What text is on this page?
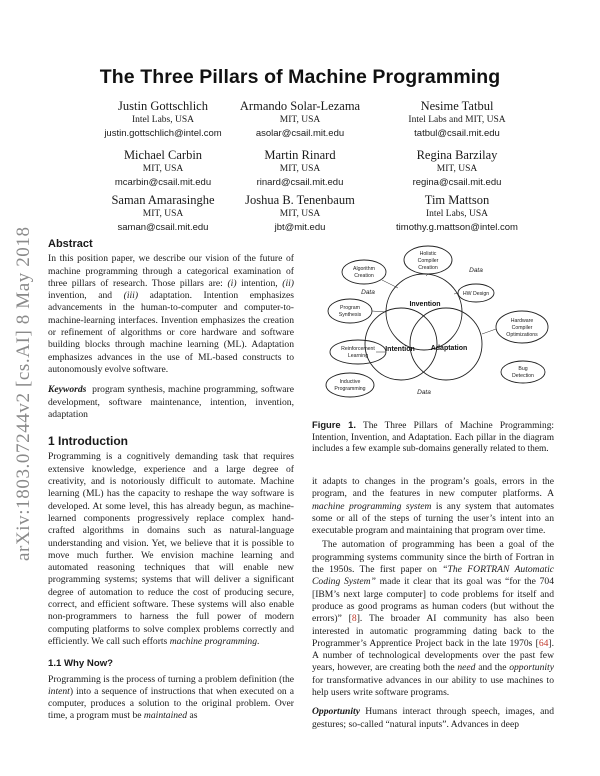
arXiv:1803.07244v2 [cs.AI] 8 May 2018
The Three Pillars of Machine Programming
Justin Gottschlich
Intel Labs, USA
justin.gottschlich@intel.com
Armando Solar-Lezama
MIT, USA
asolar@csail.mit.edu
Nesime Tatbul
Intel Labs and MIT, USA
tatbul@csail.mit.edu
Michael Carbin
MIT, USA
mcarbin@csail.mit.edu
Martin Rinard
MIT, USA
rinard@csail.mit.edu
Regina Barzilay
MIT, USA
regina@csail.mit.edu
Saman Amarasinghe
MIT, USA
saman@csail.mit.edu
Joshua B. Tenenbaum
MIT, USA
jbt@mit.edu
Tim Mattson
Intel Labs, USA
timothy.g.mattson@intel.com
Abstract

In this position paper, we describe our vision of the future of machine programming through a categorical examination of three pillars of research. Those pillars are: (i) intention, (ii) invention, and (iii) adaptation. Intention emphasizes advancements in the human-to-computer and computer-to-machine-learning interfaces. Invention emphasizes the creation or refinement of algorithms or core hardware and software building blocks through machine learning (ML). Adaptation emphasizes advances in the use of ML-based constructs to autonomously evolve software.

Keywords program synthesis, machine programming, software development, software maintenance, intention, invention, adaptation

1 Introduction

Programming is a cognitively demanding task that requires extensive knowledge, experience and a large degree of creativity, and is notoriously difficult to automate. Machine learning (ML) has the capacity to reshape the way software is developed. At some level, this has already begun, as machine-learned components progressively replace complex hand-crafted algorithms in domains such as natural-language understanding and vision. Yet, we believe that it is possible to move much further. We envision machine learning and automated reasoning techniques that will enable new programming systems; systems that will deliver a significant degree of automation to reduce the cost of producing secure, correct, and efficient software. These systems will also enable non-programmers to harness the full power of modern computing platforms to solve complex problems correctly and efficiently. We call such efforts machine programming.

1.1 Why Now?

Programming is the process of turning a problem definition (the intent) into a sequence of instructions that when executed on a computer, produces a solution to the original problem. Over time, a program must be maintained as

Algorithm
Creation
Holistic
Compiler
Creation
HW Design
Program
Synthesis
Hardware
Compiler
Optimizations
Reinforcement
Learning
Inductive
Programming
Bug
Detection
Data
Data
Data
Invention
Intention Adaptation
Figure 1. The Three Pillars of Machine Programming: Intention, Invention, and Adaptation. Each pillar in the diagram includes a few example sub-domains generally related to them.

it adapts to changes in the program’s goals, errors in the program, and the features in new computer platforms. A machine programming system is any system that automates some or all of the steps of turning the user’s intent into an executable program and maintaining that program over time.

The automation of programming has been a goal of the programming systems community since the birth of Fortran in the 1950s. The first paper on “The FORTRAN Automatic Coding System” made it clear that its goal was “for the 704 [IBM’s next large computer] to code problems for itself and produce as good programs as human coders (but without the errors)” [8]. The broader AI community has also been interested in automatic programming dating back to the Programmer’s Apprentice Project back in the late 1970s [64]. A number of technological developments over the past few years, however, are creating both the need and the opportunity for transformative advances in our ability to use machines to help users write software programs.

Opportunity Humans interact through speech, images, and gestures; so-called “natural inputs”. Advances in deep
